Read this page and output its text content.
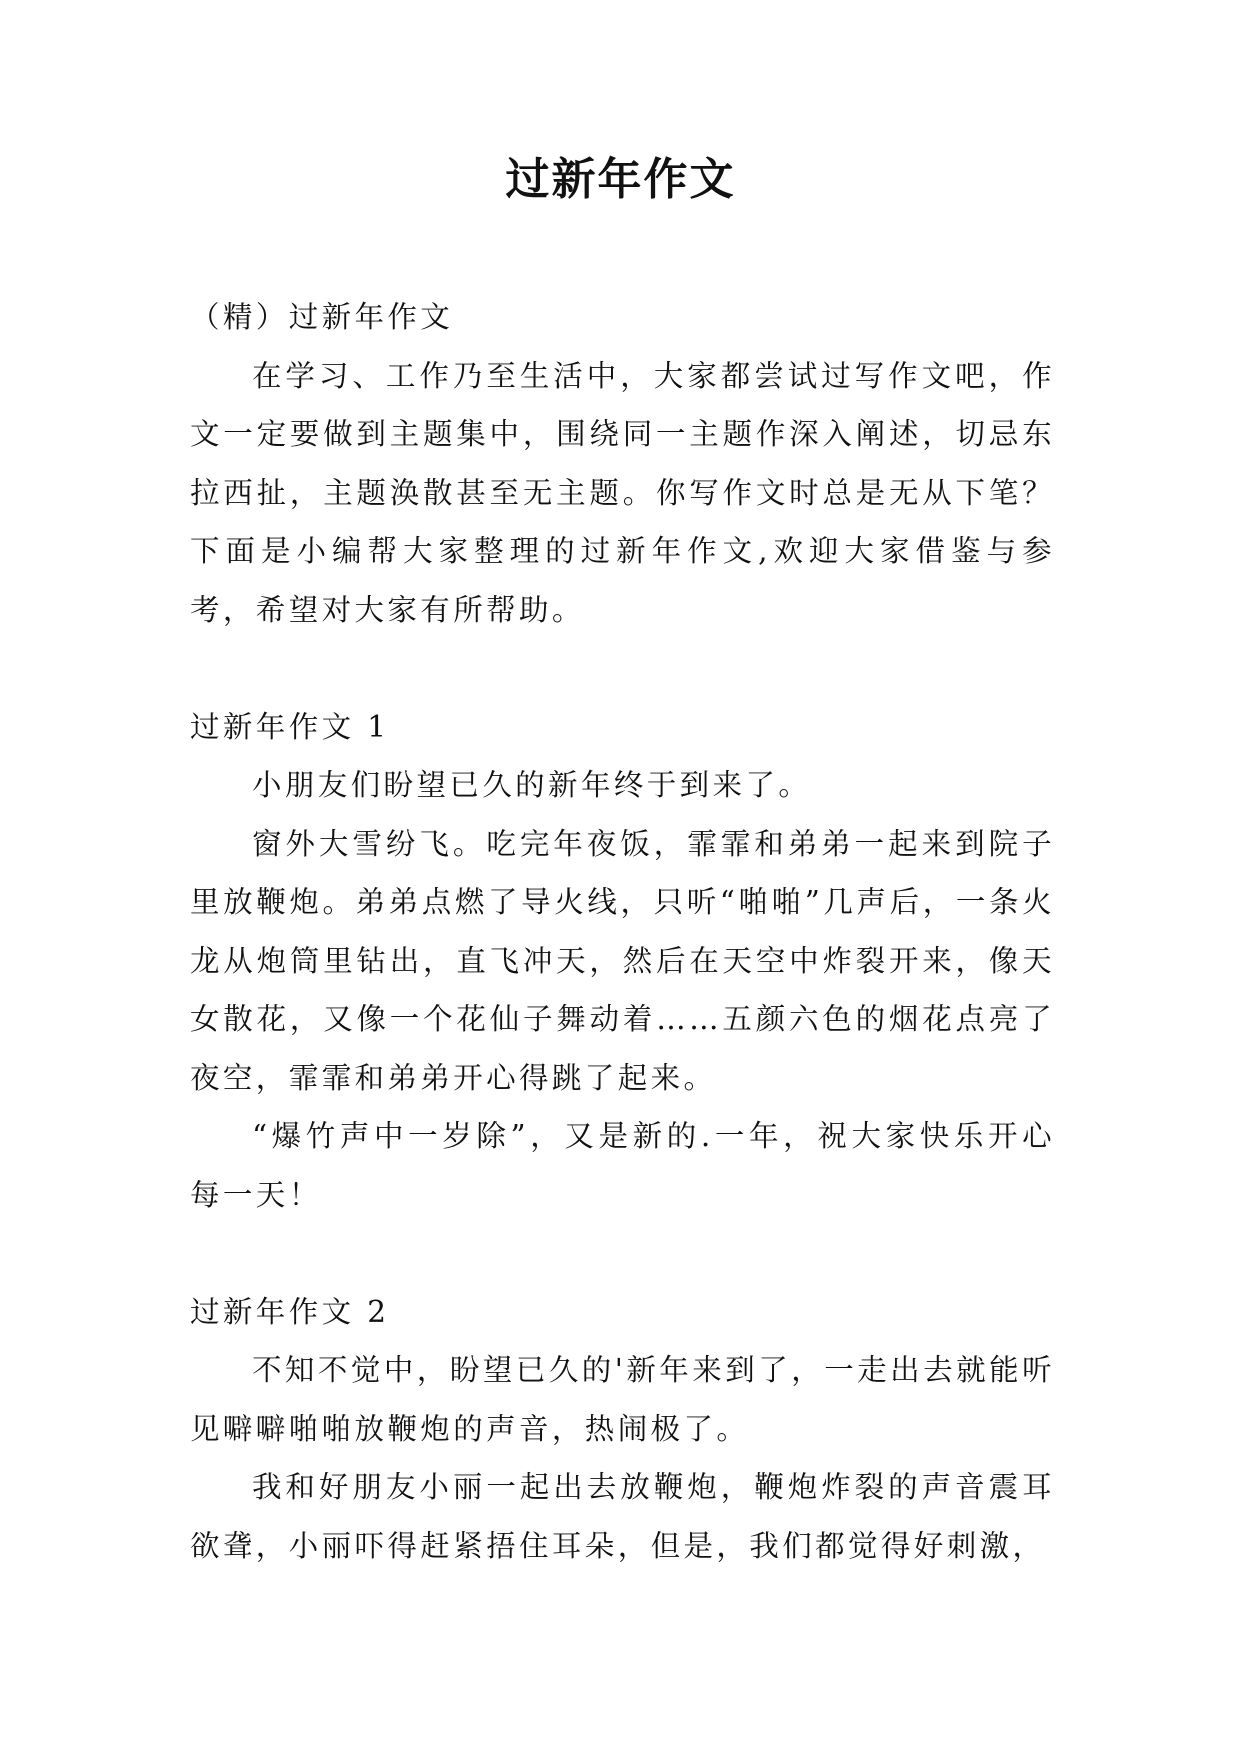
过新年作文

（精）过新年作文

在学习、工作乃至生活中，大家都尝试过写作文吧，作文一定要做到主题集中，围绕同一主题作深入阐述，切忌东拉西扯，主题涣散甚至无主题。你写作文时总是无从下笔？下面是小编帮大家整理的过新年作文,欢迎大家借鉴与参考，希望对大家有所帮助。

过新年作文 1

小朋友们盼望已久的新年终于到来了。

窗外大雪纷飞。吃完年夜饭，霏霏和弟弟一起来到院子里放鞭炮。弟弟点燃了导火线，只听“啪啪”几声后，一条火龙从炮筒里钻出，直飞冲天，然后在天空中炸裂开来，像天女散花，又像一个花仙子舞动着……五颜六色的烟花点亮了夜空，霏霏和弟弟开心得跳了起来。

“爆竹声中一岁除”，又是新的.一年，祝大家快乐开心每一天！

过新年作文 2

不知不觉中，盼望已久的'新年来到了，一走出去就能听见噼噼啪啪放鞭炮的声音，热闹极了。

我和好朋友小丽一起出去放鞭炮，鞭炮炸裂的声音震耳欲聋，小丽吓得赶紧捂住耳朵，但是，我们都觉得好刺激，
